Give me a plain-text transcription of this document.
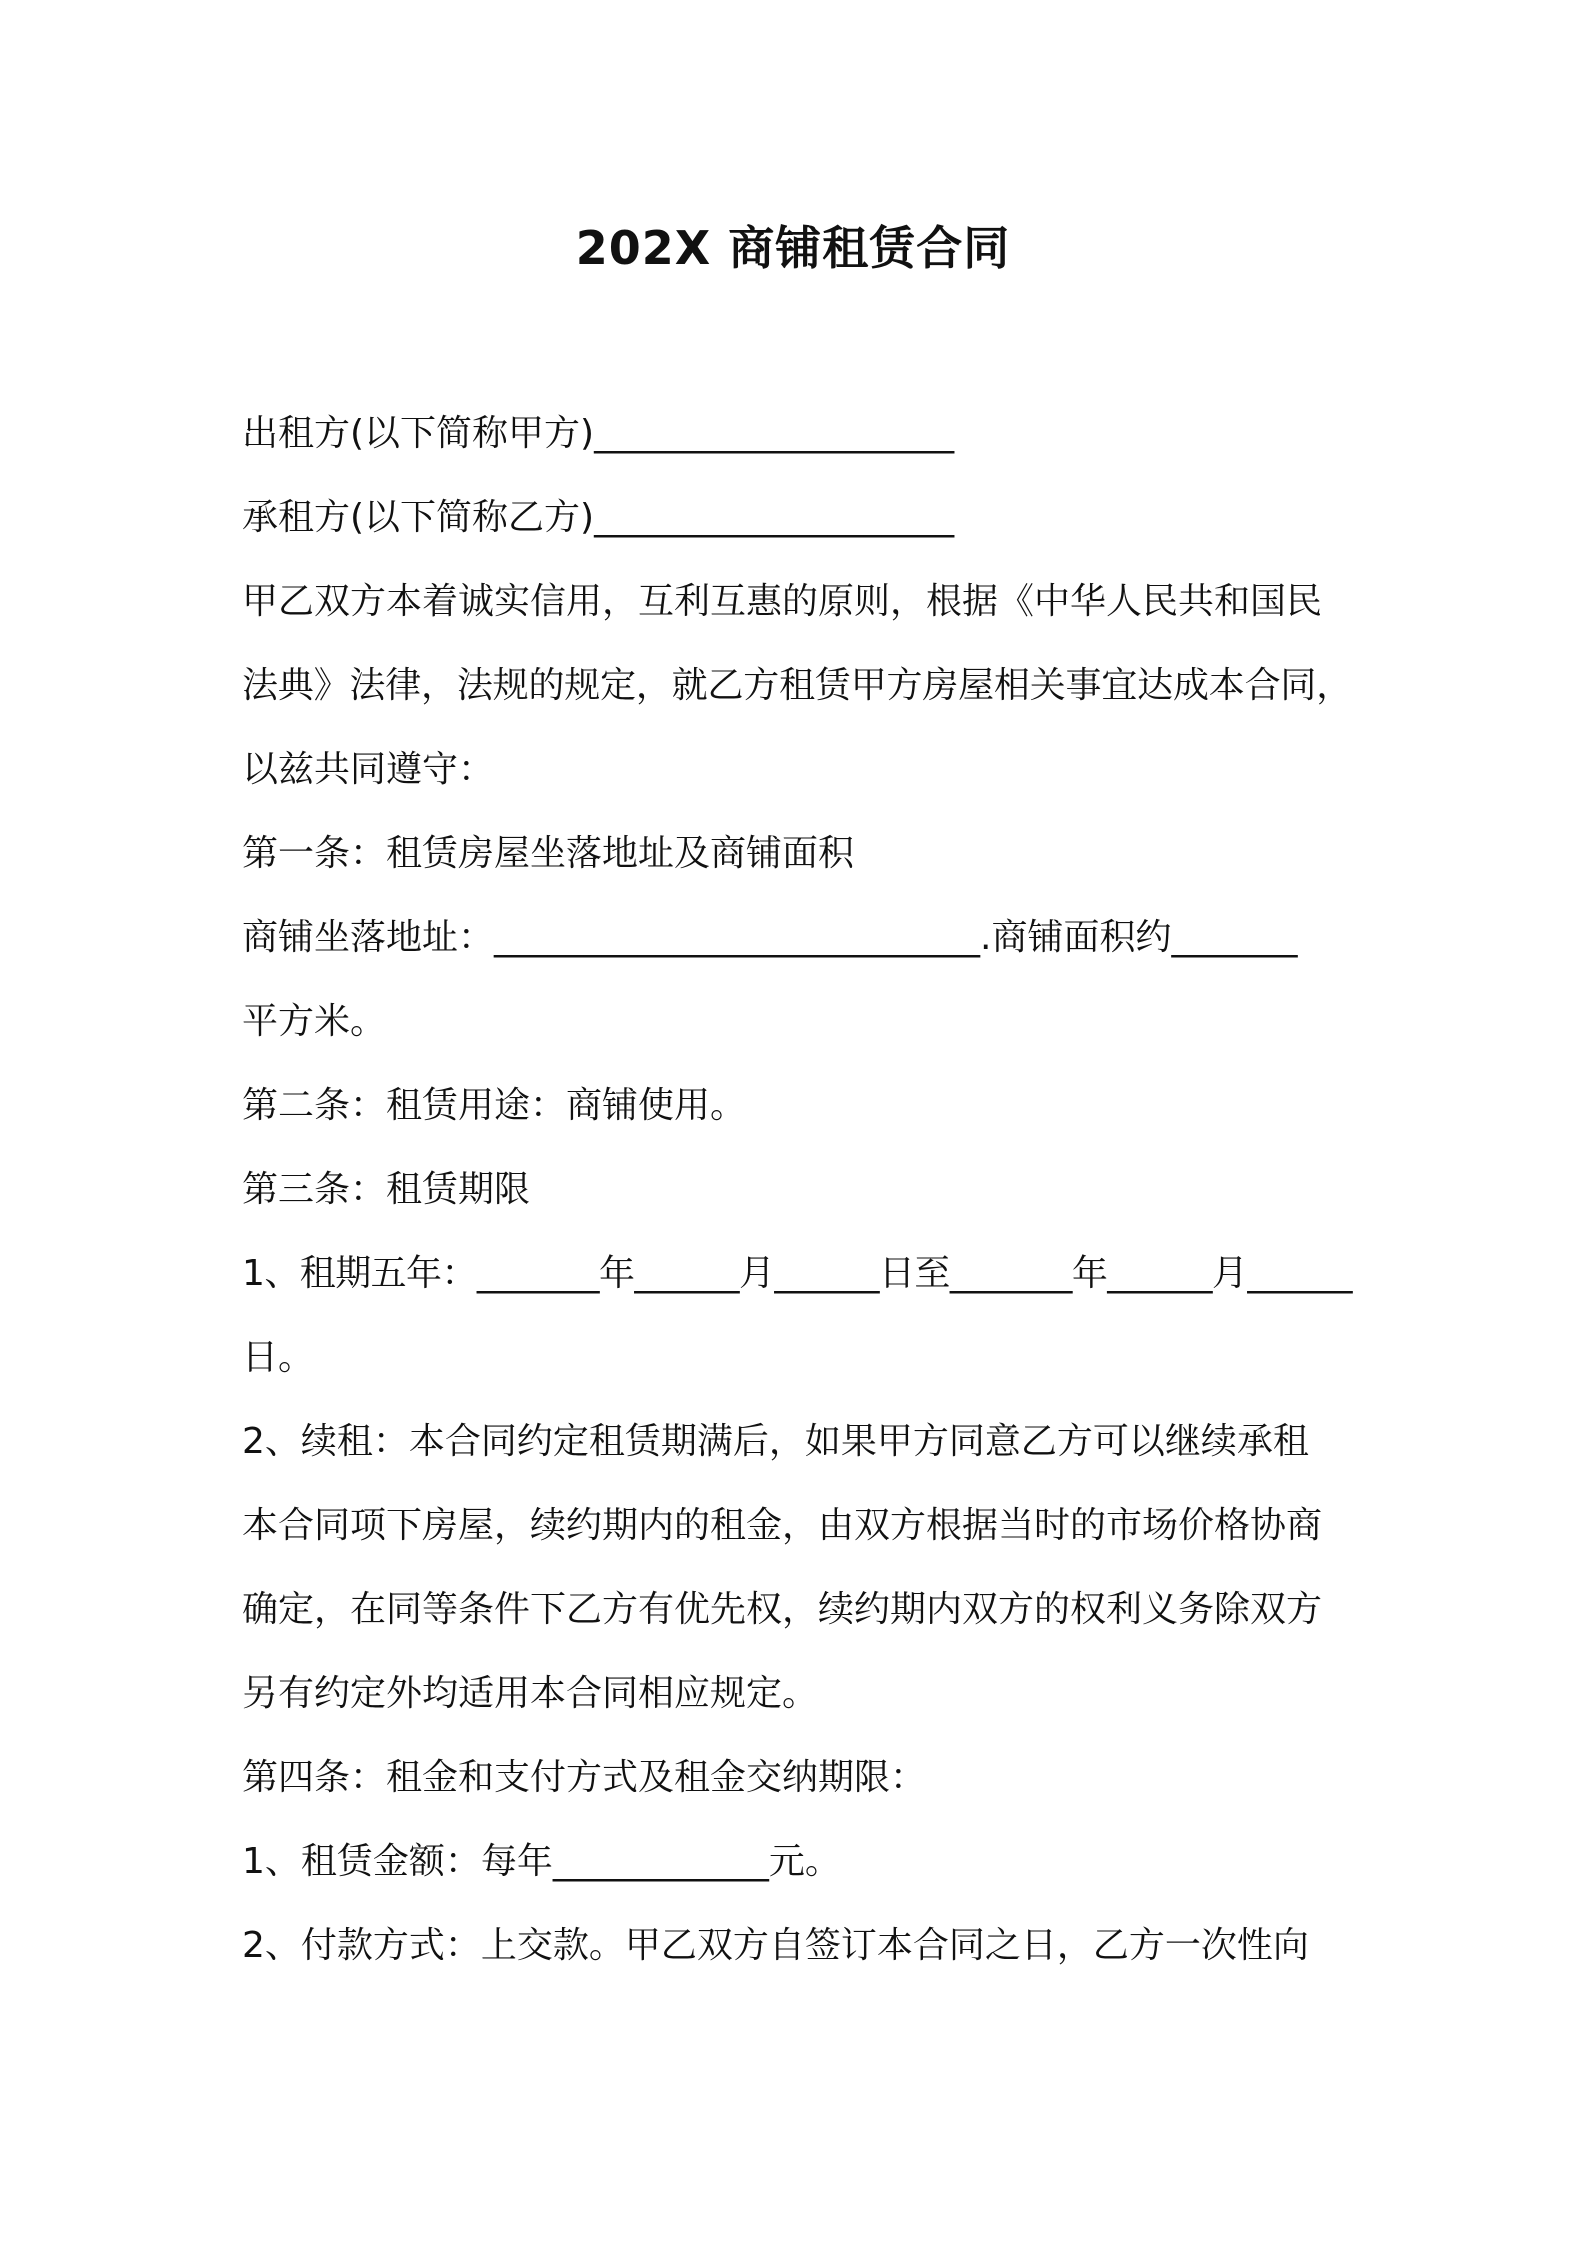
202X 商铺租赁合同
出租方(以下简称甲方)____________________
承租方(以下简称乙方)____________________
甲乙双方本着诚实信用，互利互惠的原则，根据《中华人民共和国民
法典》法律，法规的规定，就乙方租赁甲方房屋相关事宜达成本合同，
以兹共同遵守：
第一条：租赁房屋坐落地址及商铺面积
商铺坐落地址：___________________________.商铺面积约_______
平方米。
第二条：租赁用途：商铺使用。
第三条：租赁期限
1、租期五年：_______年______月______日至_______年______月______
日。
2、续租：本合同约定租赁期满后，如果甲方同意乙方可以继续承租
本合同项下房屋，续约期内的租金，由双方根据当时的市场价格协商
确定，在同等条件下乙方有优先权，续约期内双方的权利义务除双方
另有约定外均适用本合同相应规定。
第四条：租金和支付方式及租金交纳期限：
1、租赁金额：每年____________元。
2、付款方式：上交款。甲乙双方自签订本合同之日，乙方一次性向
